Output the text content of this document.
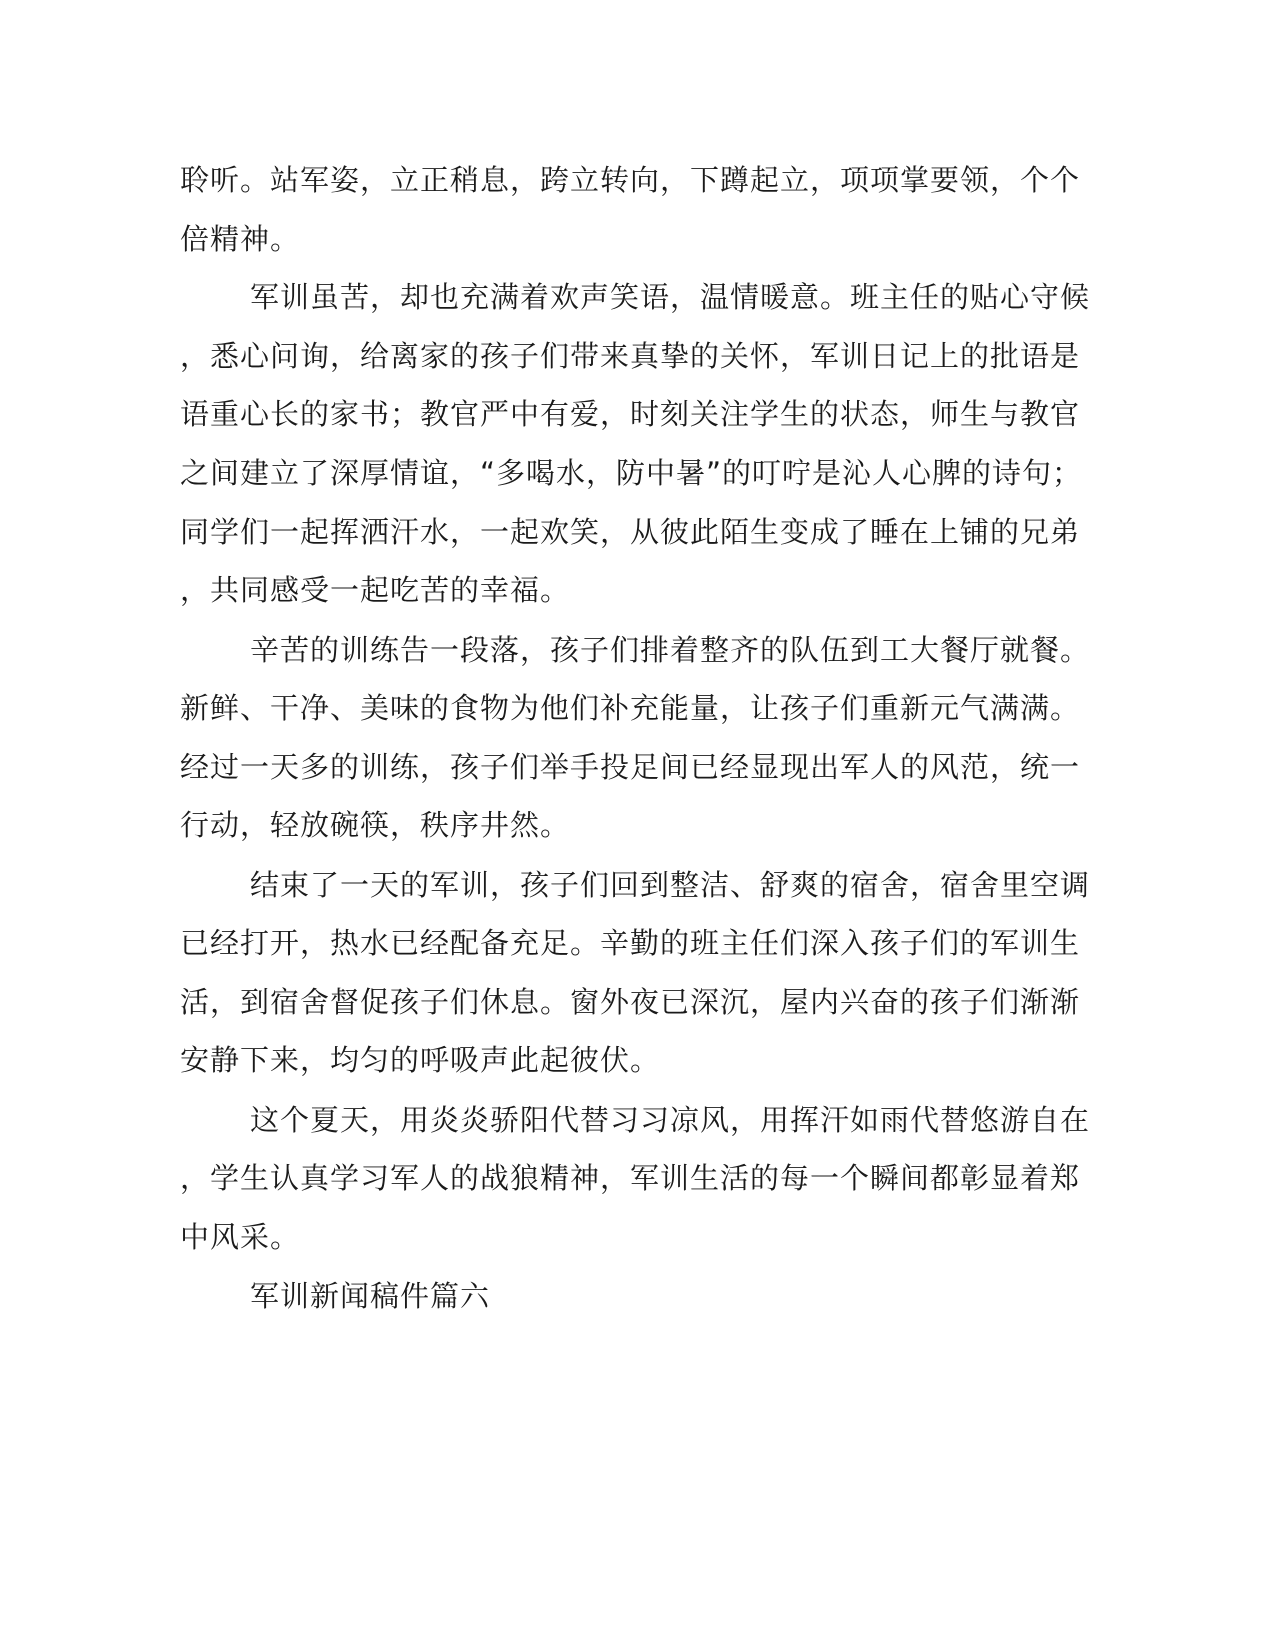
聆听。站军姿，立正稍息，跨立转向，下蹲起立，项项掌要领，个个
倍精神。
军训虽苦，却也充满着欢声笑语，温情暖意。班主任的贴心守候
，悉心问询，给离家的孩子们带来真挚的关怀，军训日记上的批语是
语重心长的家书；教官严中有爱，时刻关注学生的状态，师生与教官
之间建立了深厚情谊，“多喝水，防中暑”的叮咛是沁人心脾的诗句；
同学们一起挥洒汗水，一起欢笑，从彼此陌生变成了睡在上铺的兄弟
，共同感受一起吃苦的幸福。
辛苦的训练告一段落，孩子们排着整齐的队伍到工大餐厅就餐。
新鲜、干净、美味的食物为他们补充能量，让孩子们重新元气满满。
经过一天多的训练，孩子们举手投足间已经显现出军人的风范，统一
行动，轻放碗筷，秩序井然。
结束了一天的军训，孩子们回到整洁、舒爽的宿舍，宿舍里空调
已经打开，热水已经配备充足。辛勤的班主任们深入孩子们的军训生
活，到宿舍督促孩子们休息。窗外夜已深沉，屋内兴奋的孩子们渐渐
安静下来，均匀的呼吸声此起彼伏。
这个夏天，用炎炎骄阳代替习习凉风，用挥汗如雨代替悠游自在
，学生认真学习军人的战狼精神，军训生活的每一个瞬间都彰显着郑
中风采。
军训新闻稿件篇六
